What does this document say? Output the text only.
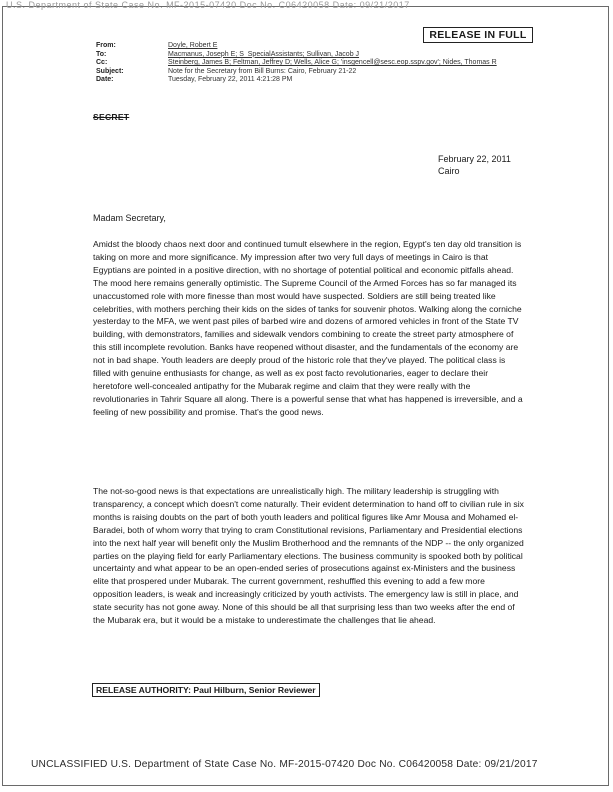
U.S. Department of State Case No. MF-2015-07420 Doc No. C06420058 Date: 09/21/2017
RELEASE IN FULL
From:	Doyle, Robert E
To:	Macmanus, Joseph E; S_SpecialAssistants; Sullivan, Jacob J
Cc:	Steinberg, James B; Feltman, Jeffrey D; Wells, Alice G; 'insgencell@sesc.eop.sspv.gov'; Nides, Thomas R
Subject:	Note for the Secretary from Bill Burns: Cairo, February 21-22
Date:	Tuesday, February 22, 2011 4:21:28 PM
SECRET
February 22, 2011
Cairo
Madam Secretary,
Amidst the bloody chaos next door and continued tumult elsewhere in the region, Egypt's ten day old transition is taking on more and more significance. My impression after two very full days of meetings in Cairo is that Egyptians are pointed in a positive direction, with no shortage of potential political and economic pitfalls ahead. The mood here remains generally optimistic. The Supreme Council of the Armed Forces has so far managed its unaccustomed role with more finesse than most would have suspected. Soldiers are still being treated like celebrities, with mothers perching their kids on the sides of tanks for souvenir photos. Walking along the corniche yesterday to the MFA, we went past piles of barbed wire and dozens of armored vehicles in front of the State TV building, with demonstrators, families and sidewalk vendors combining to create the street party atmosphere of this still incomplete revolution. Banks have reopened without disaster, and the fundamentals of the economy are not in bad shape. Youth leaders are deeply proud of the historic role that they've played. The political class is filled with genuine enthusiasts for change, as well as ex post facto revolutionaries, eager to declare their heretofore well-concealed antipathy for the Mubarak regime and claim that they were really with the revolutionaries in Tahrir Square all along. There is a powerful sense that what has happened is irreversible, and a feeling of new possibility and promise. That's the good news.
The not-so-good news is that expectations are unrealistically high. The military leadership is struggling with transparency, a concept which doesn't come naturally. Their evident determination to hand off to civilian rule in six months is raising doubts on the part of both youth leaders and political figures like Amr Mousa and Mohamed el-Baradei, both of whom worry that trying to cram Constitutional revisions, Parliamentary and Presidential elections into the next half year will benefit only the Muslim Brotherhood and the remnants of the NDP -- the only organized parties on the playing field for early Parliamentary elections. The business community is spooked both by political uncertainty and what appear to be an open-ended series of prosecutions against ex-Ministers and the business elite that prospered under Mubarak. The current government, reshuffled this evening to add a few more opposition leaders, is weak and increasingly criticized by youth activists. The emergency law is still in place, and state security has not gone away. None of this should be all that surprising less than two weeks after the end of the Mubarak era, but it would be a mistake to underestimate the challenges that lie ahead.
RELEASE AUTHORITY: Paul Hilburn, Senior Reviewer
UNCLASSIFIED U.S. Department of State Case No. MF-2015-07420 Doc No. C06420058 Date: 09/21/2017
